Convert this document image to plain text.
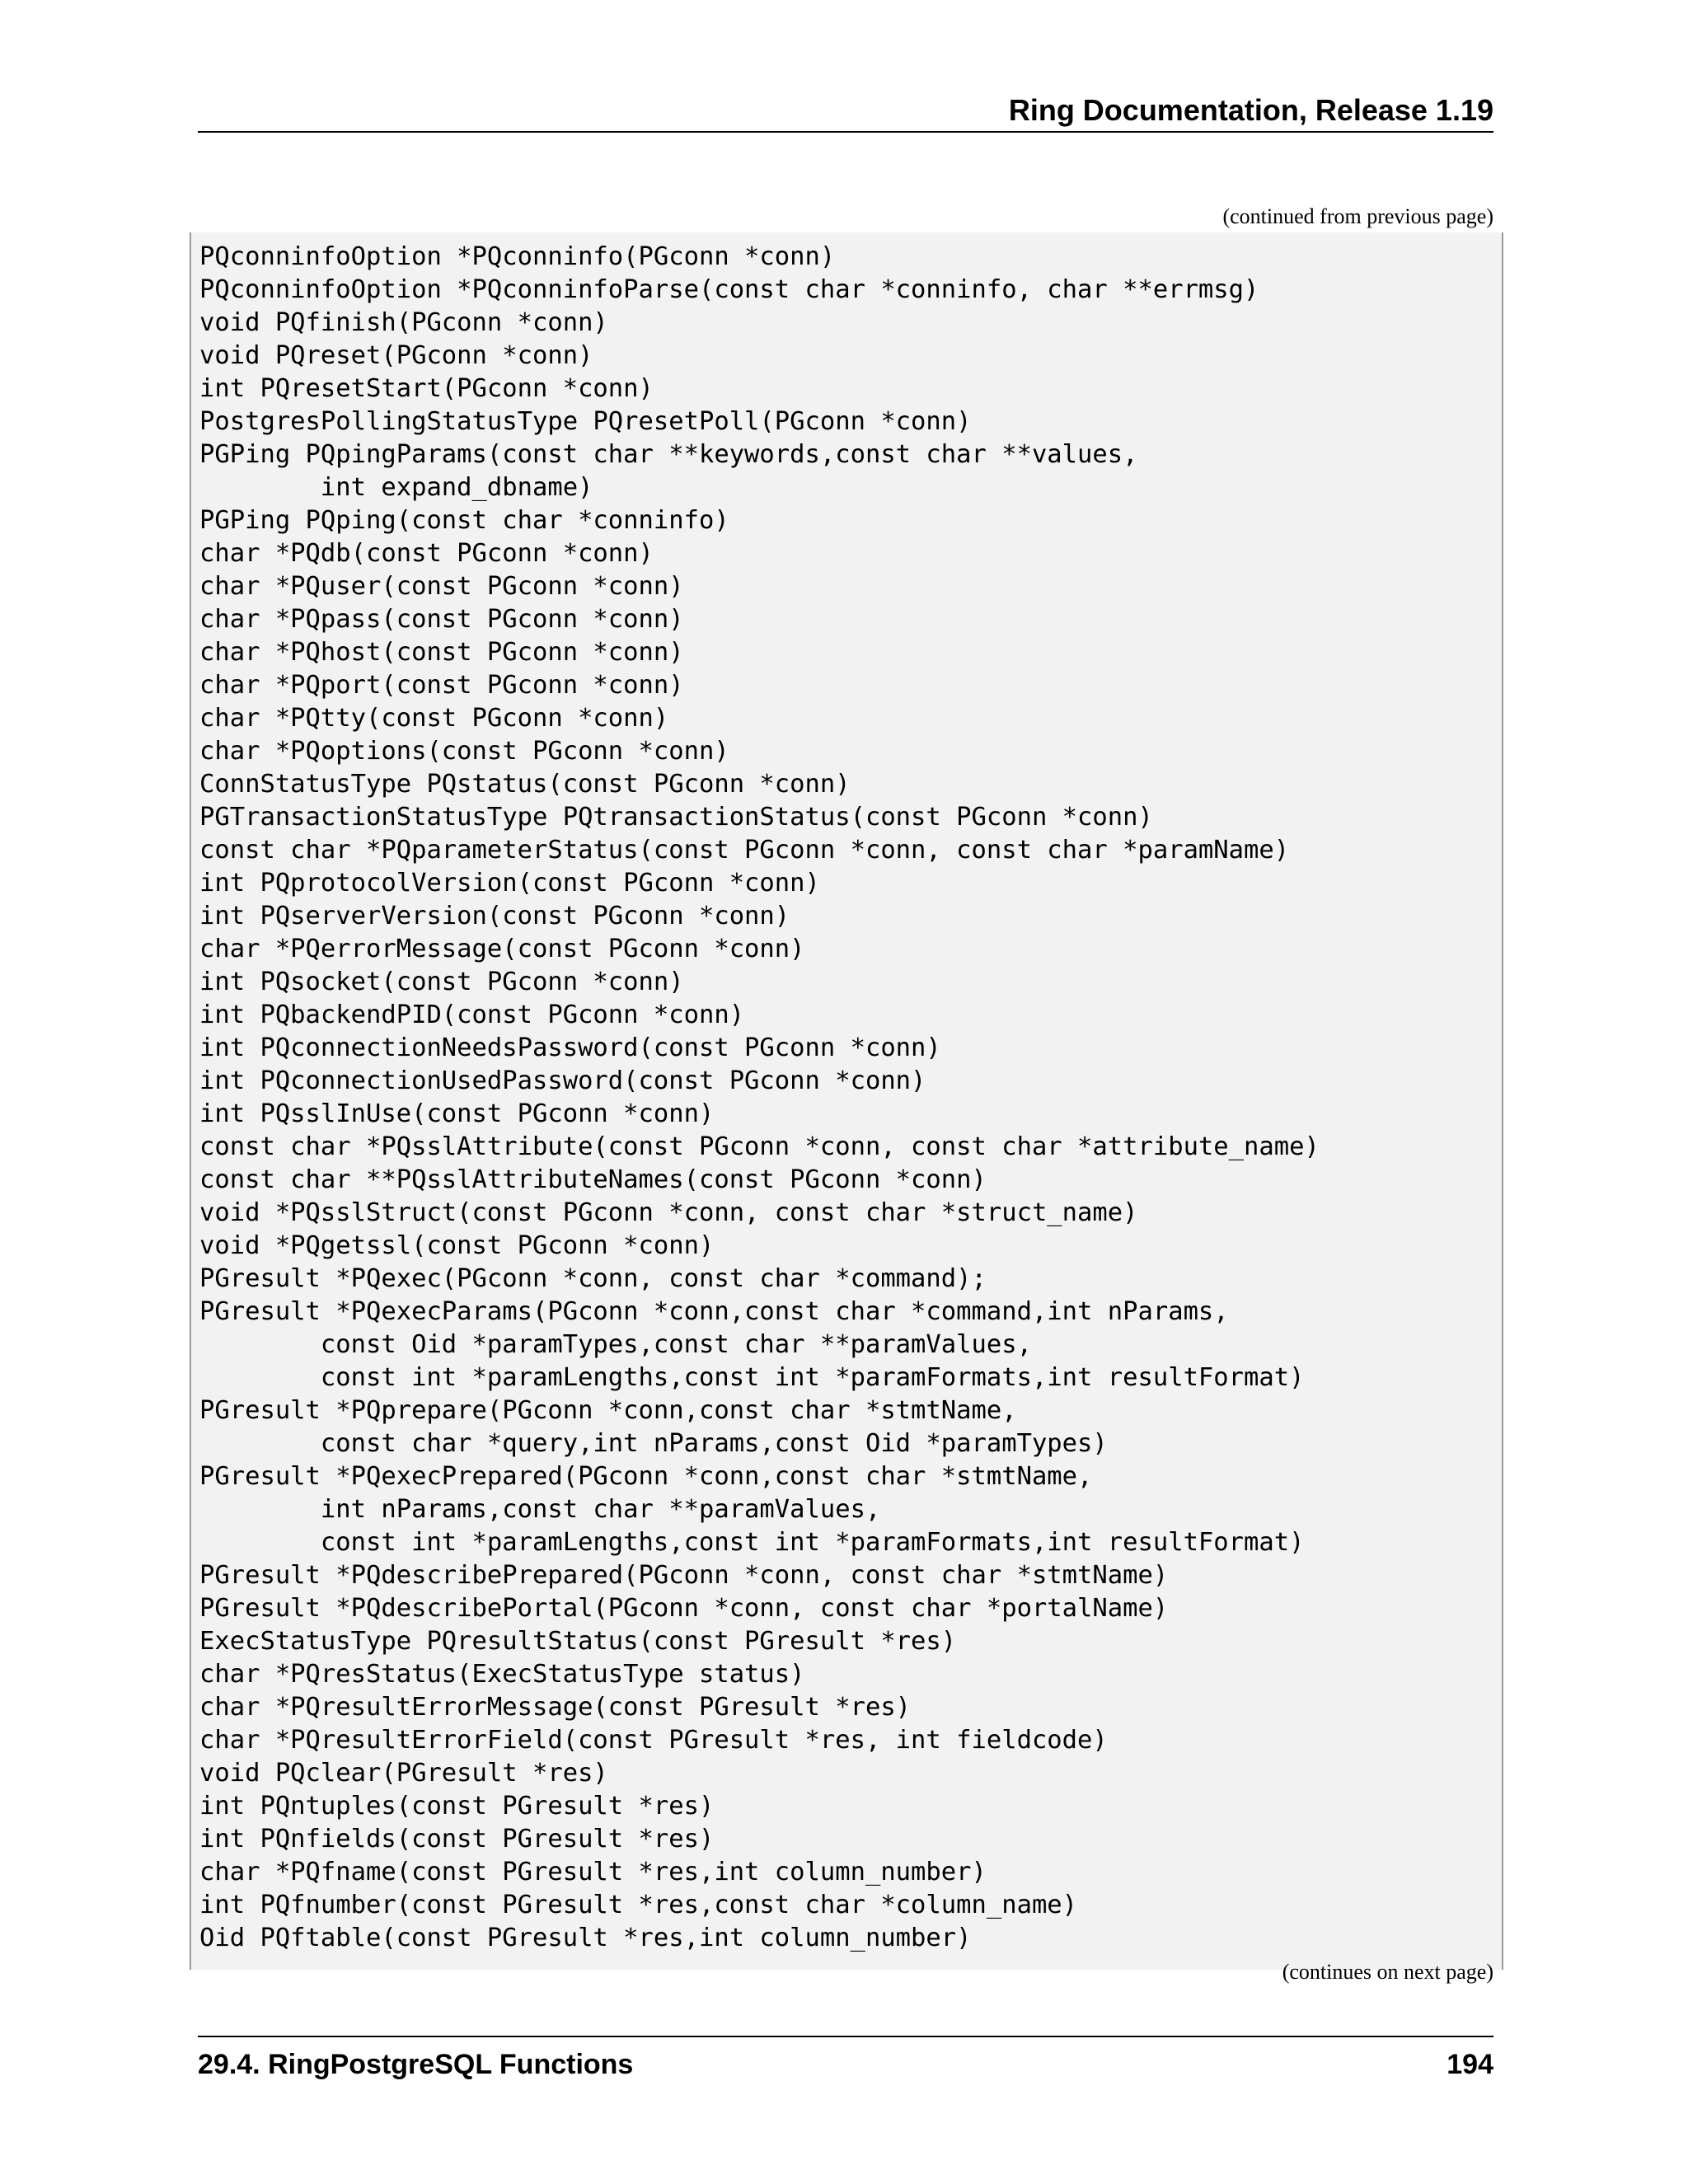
Ring Documentation, Release 1.19
(continued from previous page)
PQconninfoOption *PQconninfo(PGconn *conn)
PQconninfoOption *PQconninfoParse(const char *conninfo, char **errmsg)
void PQfinish(PGconn *conn)
void PQreset(PGconn *conn)
int PQresetStart(PGconn *conn)
PostgresPollingStatusType PQresetPoll(PGconn *conn)
PGPing PQpingParams(const char **keywords,const char **values,
int expand_dbname)
PGPing PQping(const char *conninfo)
char *PQdb(const PGconn *conn)
char *PQuser(const PGconn *conn)
char *PQpass(const PGconn *conn)
char *PQhost(const PGconn *conn)
char *PQport(const PGconn *conn)
char *PQtty(const PGconn *conn)
char *PQoptions(const PGconn *conn)
ConnStatusType PQstatus(const PGconn *conn)
PGTransactionStatusType PQtransactionStatus(const PGconn *conn)
const char *PQparameterStatus(const PGconn *conn, const char *paramName)
int PQprotocolVersion(const PGconn *conn)
int PQserverVersion(const PGconn *conn)
char *PQerrorMessage(const PGconn *conn)
int PQsocket(const PGconn *conn)
int PQbackendPID(const PGconn *conn)
int PQconnectionNeedsPassword(const PGconn *conn)
int PQconnectionUsedPassword(const PGconn *conn)
int PQsslInUse(const PGconn *conn)
const char *PQsslAttribute(const PGconn *conn, const char *attribute_name)
const char **PQsslAttributeNames(const PGconn *conn)
void *PQsslStruct(const PGconn *conn, const char *struct_name)
void *PQgetssl(const PGconn *conn)
PGresult *PQexec(PGconn *conn, const char *command);
PGresult *PQexecParams(PGconn *conn,const char *command,int nParams,
const Oid *paramTypes,const char **paramValues,
const int *paramLengths,const int *paramFormats,int resultFormat)
PGresult *PQprepare(PGconn *conn,const char *stmtName,
const char *query,int nParams,const Oid *paramTypes)
PGresult *PQexecPrepared(PGconn *conn,const char *stmtName,
int nParams,const char **paramValues,
const int *paramLengths,const int *paramFormats,int resultFormat)
PGresult *PQdescribePrepared(PGconn *conn, const char *stmtName)
PGresult *PQdescribePortal(PGconn *conn, const char *portalName)
ExecStatusType PQresultStatus(const PGresult *res)
char *PQresStatus(ExecStatusType status)
char *PQresultErrorMessage(const PGresult *res)
char *PQresultErrorField(const PGresult *res, int fieldcode)
void PQclear(PGresult *res)
int PQntuples(const PGresult *res)
int PQnfields(const PGresult *res)
char *PQfname(const PGresult *res,int column_number)
int PQfnumber(const PGresult *res,const char *column_name)
Oid PQftable(const PGresult *res,int column_number)
(continues on next page)
29.4. RingPostgreSQL Functions	194
